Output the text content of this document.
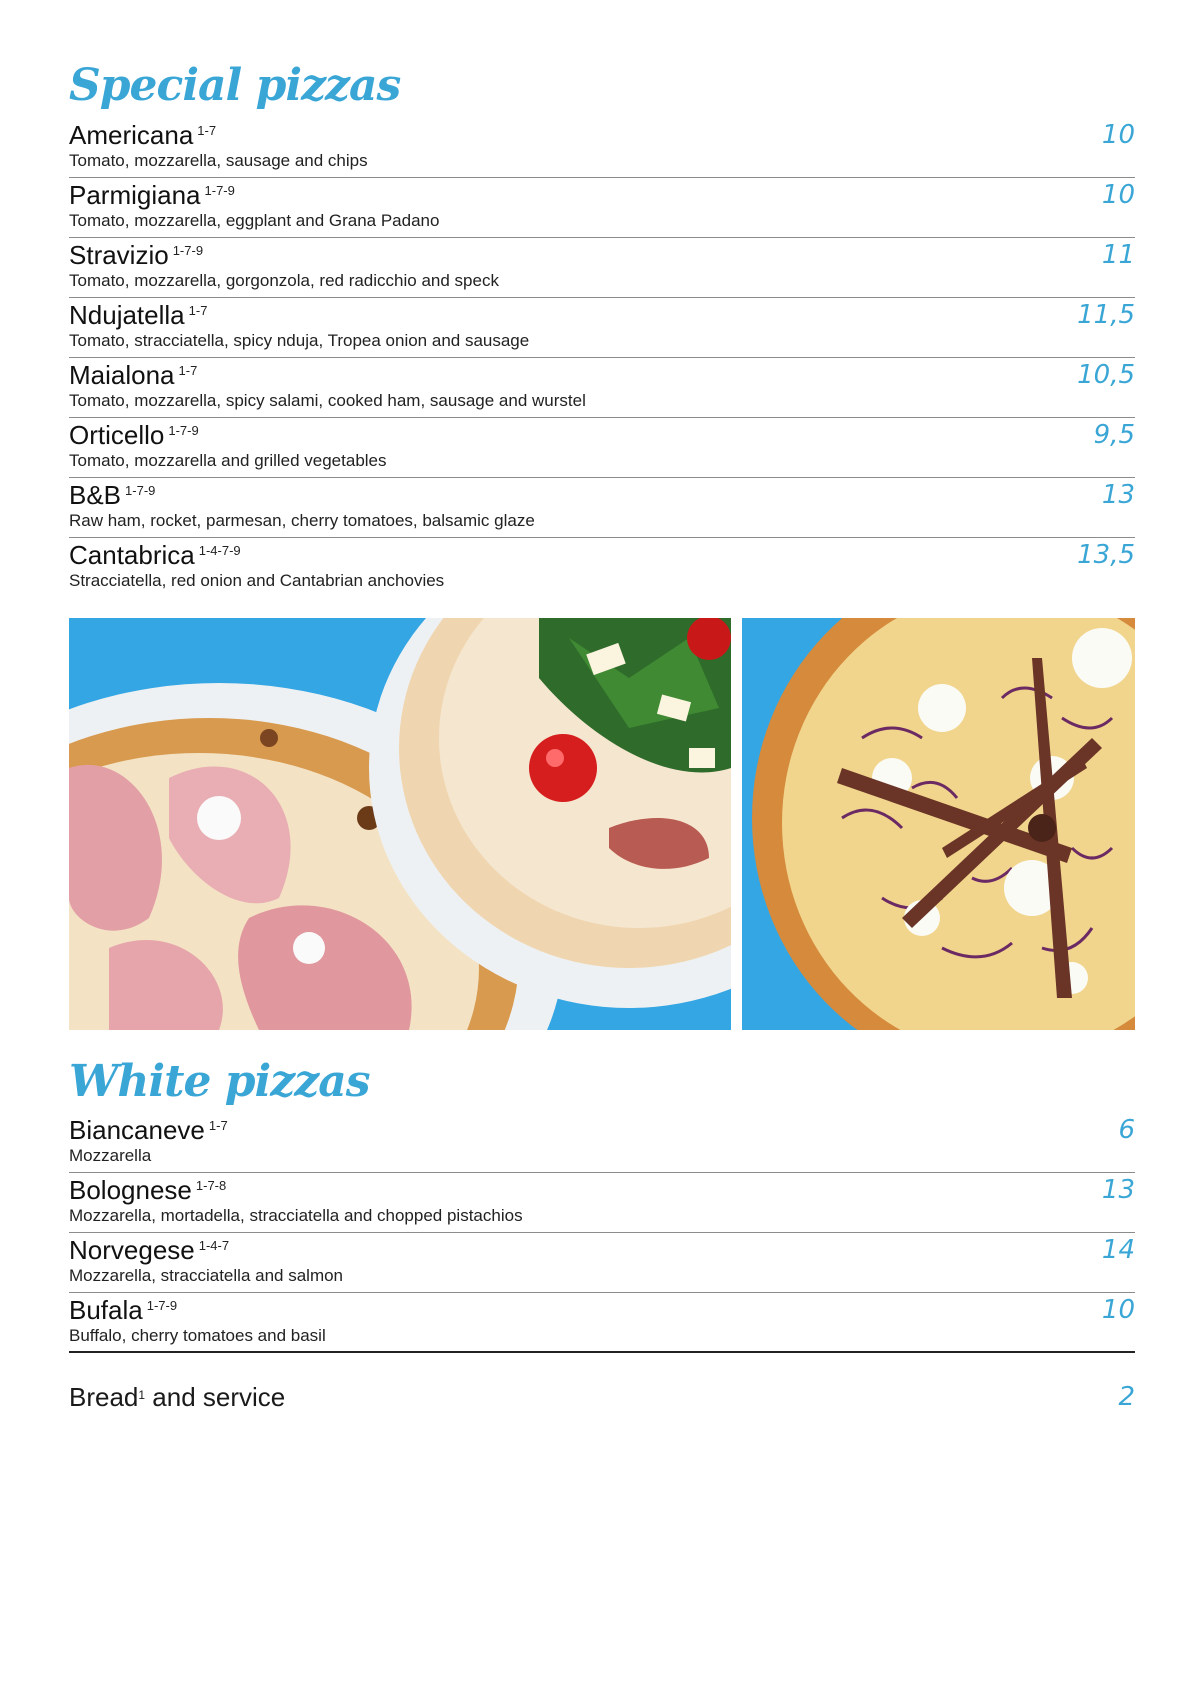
Special pizzas
Americana $^{1-7}$
Tomato, mozzarella, sausage and chips
10
Parmigiana $^{1-7-9}$
Tomato, mozzarella, eggplant and Grana Padano
10
Stravizio $^{1-7-9}$
Tomato, mozzarella, gorgonzola, red radicchio and speck
11
Ndujatella $^{1-7}$
Tomato, stracciatella, spicy nduja, Tropea onion and sausage
11,5
Maialona $^{1-7}$
Tomato, mozzarella, spicy salami, cooked ham, sausage and wurstel
10,5
Orticello $^{1-7-9}$
Tomato, mozzarella and grilled vegetables
9,5
B&B $^{1-7-9}$
Raw ham, rocket, parmesan, cherry tomatoes, balsamic glaze
13
Cantabrica $^{1-4-7-9}$
Stracciatella, red onion and Cantabrian anchovies
13,5
White pizzas
Biancaneve $^{1-7}$
Mozzarella
6
Bolognese $^{1-7-8}$
Mozzarella, mortadella, stracciatella and chopped pistachios
13
Norvegese $^{1-4-7}$
Mozzarella, stracciatella and salmon
14
Bufala $^{1-7-9}$
Buffalo, cherry tomatoes and basil
10
Bread$^1$ and service	2
